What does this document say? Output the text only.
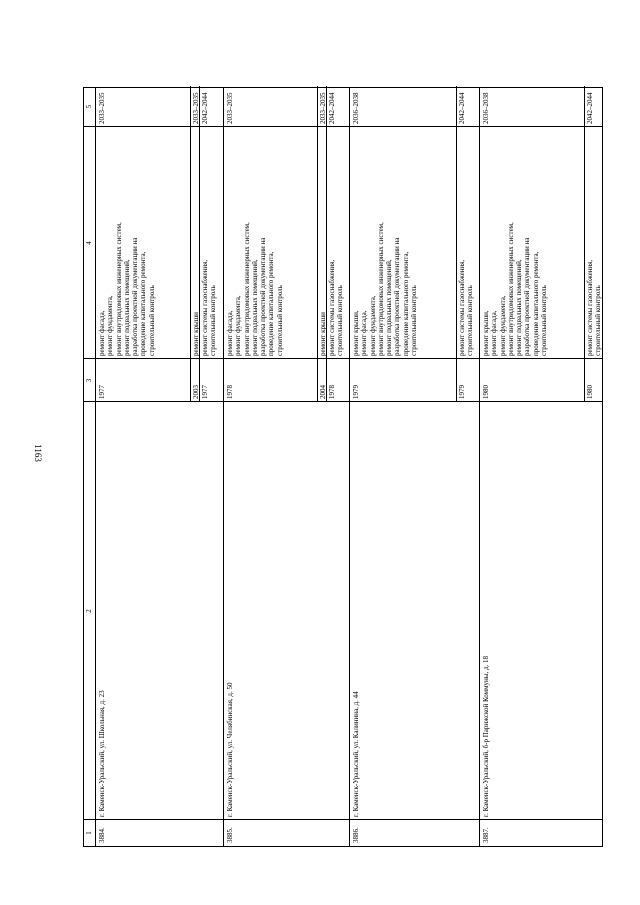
1163
1
2
3
4
5
3884.
г. Каменск-Уральский, ул. Школьная, д. 23
1977
ремонт фасада, ремонт фундамента, ремонт внутридомовых инженерных систем, ремонт подвальных помещений, разработка проектной документации на проведение капитального ремонта, строительный контроль
2033–2035
2003
ремонт крыши
2033–2035
1977
ремонт системы газоснабжения, строительный контроль
2042–2044
3885.
г. Каменск-Уральский, ул. Челябинская, д. 50
1978
ремонт фасада, ремонт фундамента, ремонт внутридомовых инженерных систем, ремонт подвальных помещений, разработка проектной документации на проведение капитального ремонта, строительный контроль
2033–2035
2004
ремонт крыши
2033–2035
1978
ремонт системы газоснабжения, строительный контроль
2042–2044
3886.
г. Каменск-Уральский, ул. Калинина, д. 44
1979
ремонт крыши, ремонт фасада, ремонт фундамента, ремонт внутридомовых инженерных систем, ремонт подвальных помещений, разработка проектной документации на проведение капитального ремонта, строительный контроль
2036–2038
1979
ремонт системы газоснабжения, строительный контроль
2042–2044
3887.
г. Каменск-Уральский, б-р Парижской Коммуны, д. 18
1980
ремонт крыши, ремонт фасада, ремонт фундамента, ремонт внутридомовых инженерных систем, ремонт подвальных помещений, разработка проектной документации на проведение капитального ремонта, строительный контроль
2036–2038
1980
ремонт системы газоснабжения, строительный контроль
2042–2044
